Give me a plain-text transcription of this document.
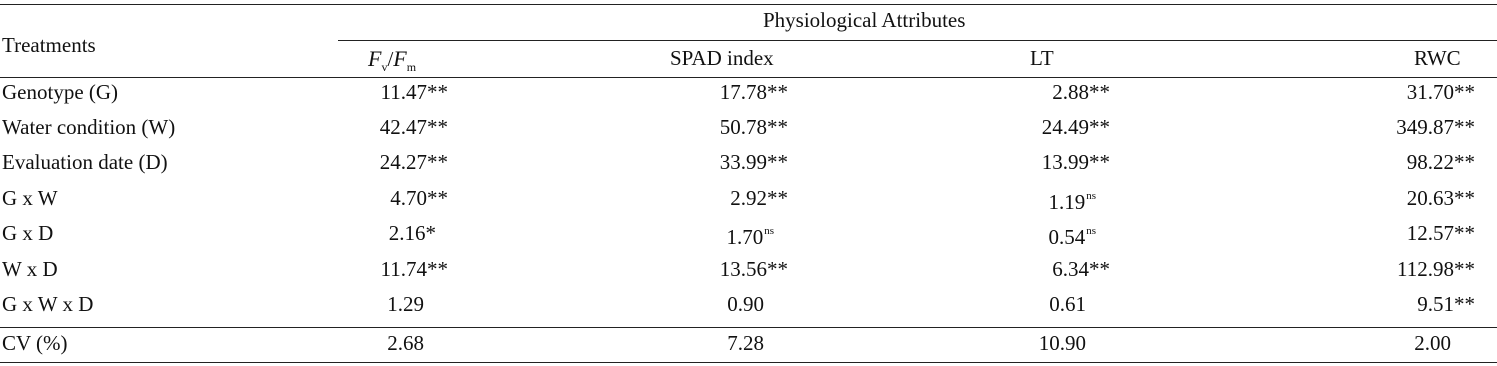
Treatments
Physiological Attributes
$F_v/F_m$	SPAD index	LT	RWC
Genotype (G)	11.47**	17.78**	2.88**	31.70**
Water condition (W)	42.47**	50.78**	24.49**	349.87**
Evaluation date (D)	24.27**	33.99**	13.99**	98.22**
G x W	4.70**	2.92**	$1.19^{ns}$	20.63**
G x D	2.16*	$1.70^{ns}$	$0.54^{ns}$	12.57**
W x D	11.74**	13.56**	6.34**	112.98**
G x W x D	1.29	0.90	0.61	9.51**
CV (%)	2.68	7.28	10.90	2.00
